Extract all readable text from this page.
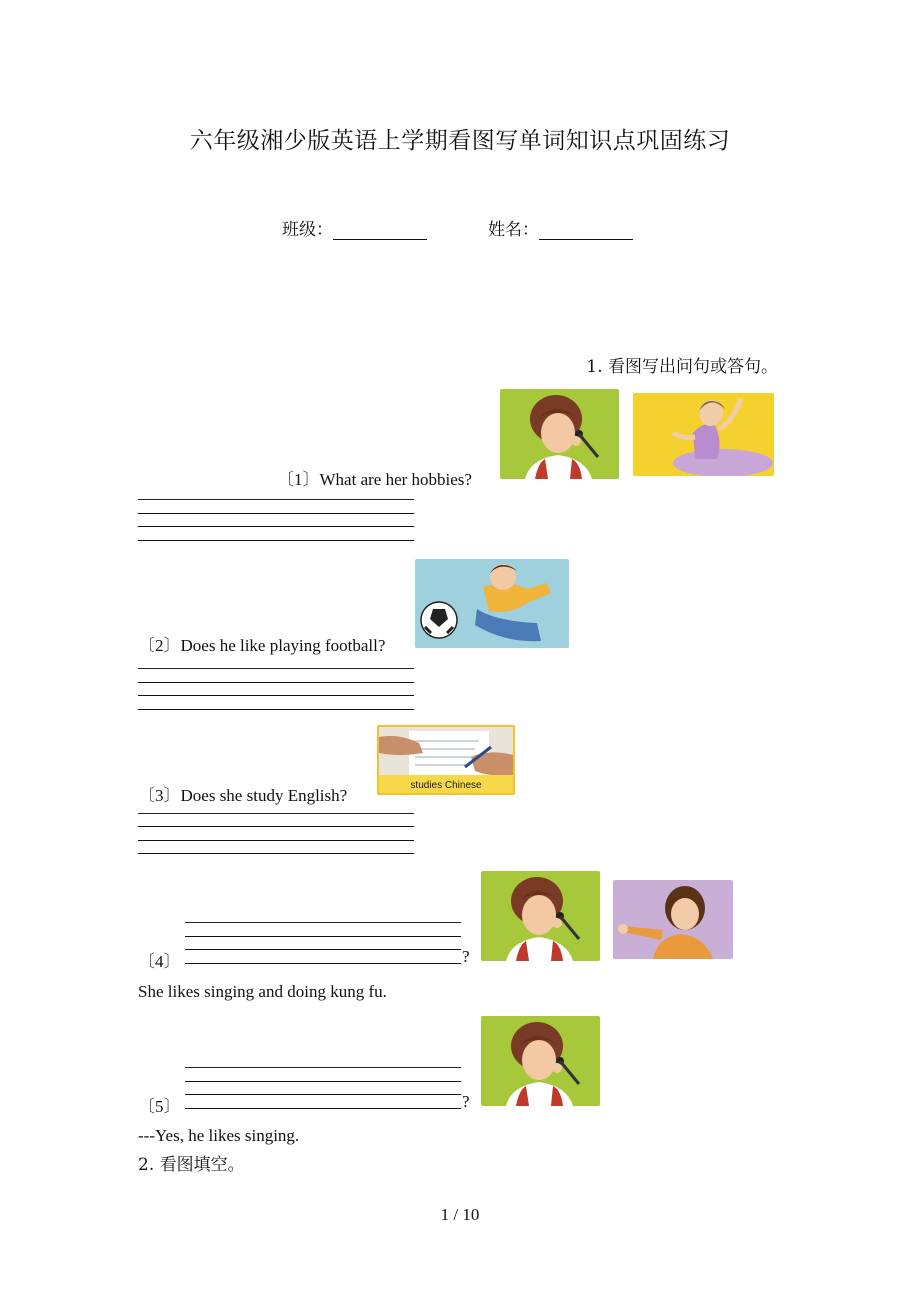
六年级湘少版英语上学期看图写单词知识点巩固练习
班级：	姓名：
1. 看图写出问句或答句。
〔1〕What are her hobbies?
〔2〕Does he like playing football?
studies Chinese
〔3〕Does she study English?
〔4〕	?
She likes singing and doing kung fu.
〔5〕	?
---Yes, he likes singing.
2. 看图填空。
1 / 10
